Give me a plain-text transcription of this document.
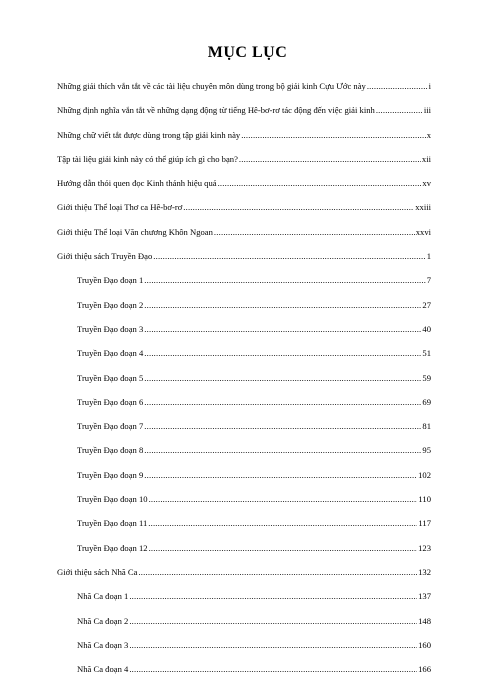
MỤC LỤC
Những giải thích vắn tắt về các tài liệu chuyên môn dùng trong bộ giải kinh Cựu Ước này .....	i
Những định nghĩa vắn tắt về những dạng động từ tiếng Hê-bơ-rơ tác động đến việc giải kinh .....	iii
Những chữ viết tắt được dùng trong tập giải kinh này .....	x
Tập tài liệu giải kinh này có thể giúp ích gì cho bạn? .....	xii
Hướng dẫn thói quen đọc Kinh thánh hiệu quả .....	xv
Giới thiệu Thể loại Thơ ca Hê-bơ-rơ .....	xxiii
Giới thiệu Thể loại Văn chương Khôn Ngoan .....	xxvi
Giới thiệu sách Truyền Đạo .....	1
Truyền Đạo đoạn 1 .....	7
Truyền Đạo đoạn 2 .....	27
Truyền Đạo đoạn 3 .....	40
Truyền Đạo đoạn 4 .....	51
Truyền Đạo đoạn 5 .....	59
Truyền Đạo đoạn 6 .....	69
Truyền Đạo đoạn 7 .....	81
Truyền Đạo đoạn 8 .....	95
Truyền Đạo đoạn 9 .....	102
Truyền Đạo đoạn 10 .....	110
Truyền Đạo đoạn 11 .....	117
Truyền Đạo đoạn 12 .....	123
Giới thiệu sách Nhã Ca .....	132
Nhã Ca đoạn 1 .....	137
Nhã Ca đoạn 2 .....	148
Nhã Ca đoạn 3 .....	160
Nhã Ca đoạn 4 .....	166
